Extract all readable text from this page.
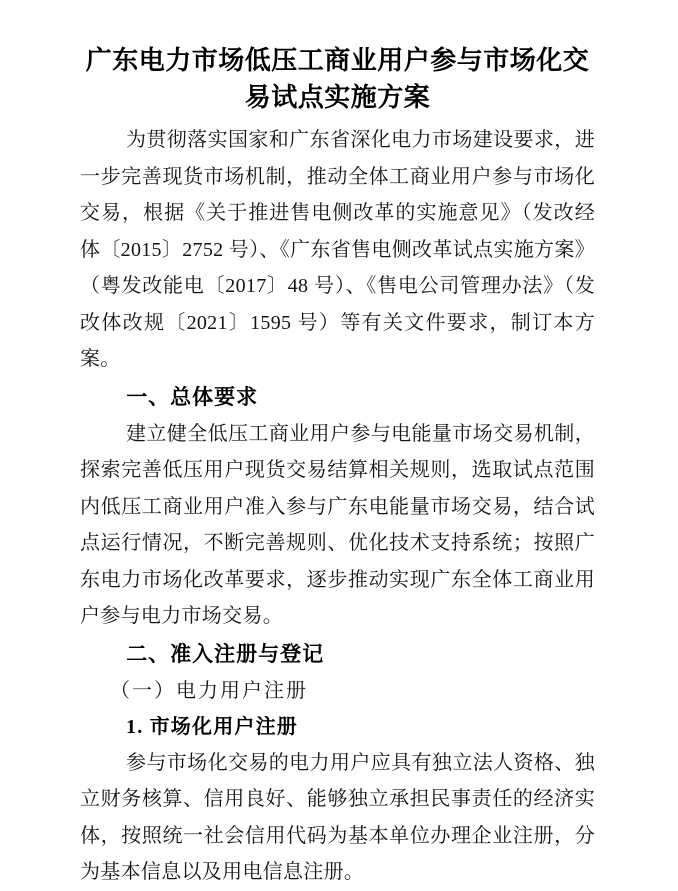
广东电力市场低压工商业用户参与市场化交易试点实施方案

为贯彻落实国家和广东省深化电力市场建设要求，进一步完善现货市场机制，推动全体工商业用户参与市场化交易，根据《关于推进售电侧改革的实施意见》（发改经体〔2015〕2752 号）、《广东省售电侧改革试点实施方案》（粤发改能电〔2017〕48 号）、《售电公司管理办法》（发改体改规〔2021〕1595 号）等有关文件要求，制订本方案。

一、总体要求

建立健全低压工商业用户参与电能量市场交易机制，探索完善低压用户现货交易结算相关规则，选取试点范围内低压工商业用户准入参与广东电能量市场交易，结合试点运行情况，不断完善规则、优化技术支持系统；按照广东电力市场化改革要求，逐步推动实现广东全体工商业用户参与电力市场交易。

二、准入注册与登记
（一）电力用户注册
1. 市场化用户注册

参与市场化交易的电力用户应具有独立法人资格、独立财务核算、信用良好、能够独立承担民事责任的经济实体，按照统一社会信用代码为基本单位办理企业注册，分为基本信息以及用电信息注册。
